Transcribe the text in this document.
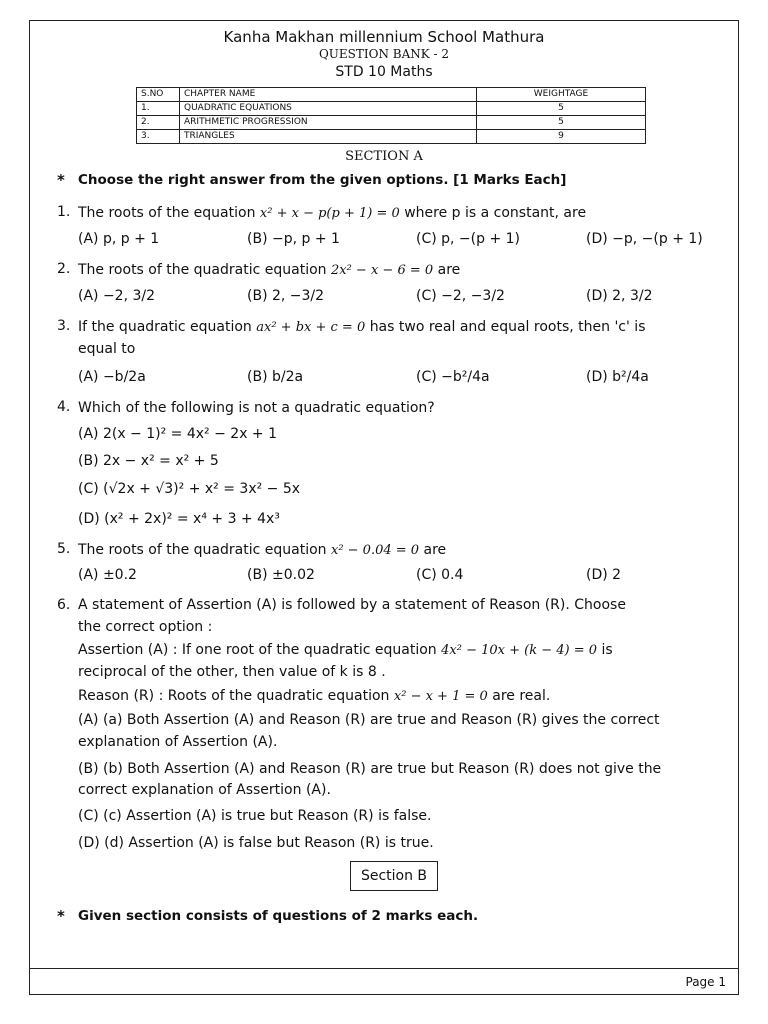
Kanha Makhan millennium School Mathura
QUESTION BANK - 2
STD 10 Maths
S.NO	CHAPTER NAME	WEIGHTAGE
1.	QUADRATIC EQUATIONS	5
2.	ARITHMETIC PROGRESSION	5
3.	TRIANGLES	9
SECTION A
* Choose the right answer from the given options. [1 Marks Each]
1. The roots of the equation x² + x − p(p + 1) = 0 where p is a constant, are
(A) p, p + 1	(B) −p, p + 1	(C) p, −(p + 1)	(D) −p, −(p + 1)
2. The roots of the quadratic equation 2x² − x − 6 = 0 are
(A) −2, 3/2	(B) 2, −3/2	(C) −2, −3/2	(D) 2, 3/2
3. If the quadratic equation ax² + bx + c = 0 has two real and equal roots, then 'c' is
equal to
(A) −b/2a	(B) b/2a	(C) −b²/4a	(D) b²/4a
4. Which of the following is not a quadratic equation?
(A) 2(x − 1)² = 4x² − 2x + 1
(B) 2x − x² = x² + 5
(C) (√2x + √3)² + x² = 3x² − 5x
(D) (x² + 2x)² = x⁴ + 3 + 4x³
5. The roots of the quadratic equation x² − 0.04 = 0 are
(A) ±0.2	(B) ±0.02	(C) 0.4	(D) 2
6. A statement of Assertion (A) is followed by a statement of Reason (R). Choose
the correct option :
Assertion (A) : If one root of the quadratic equation 4x² − 10x + (k − 4) = 0 is
reciprocal of the other, then value of k is 8 .
Reason (R) : Roots of the quadratic equation x² − x + 1 = 0 are real.
(A) (a) Both Assertion (A) and Reason (R) are true and Reason (R) gives the correct
explanation of Assertion (A).
(B) (b) Both Assertion (A) and Reason (R) are true but Reason (R) does not give the
correct explanation of Assertion (A).
(C) (c) Assertion (A) is true but Reason (R) is false.
(D) (d) Assertion (A) is false but Reason (R) is true.
Section B
* Given section consists of questions of 2 marks each.
Page 1
